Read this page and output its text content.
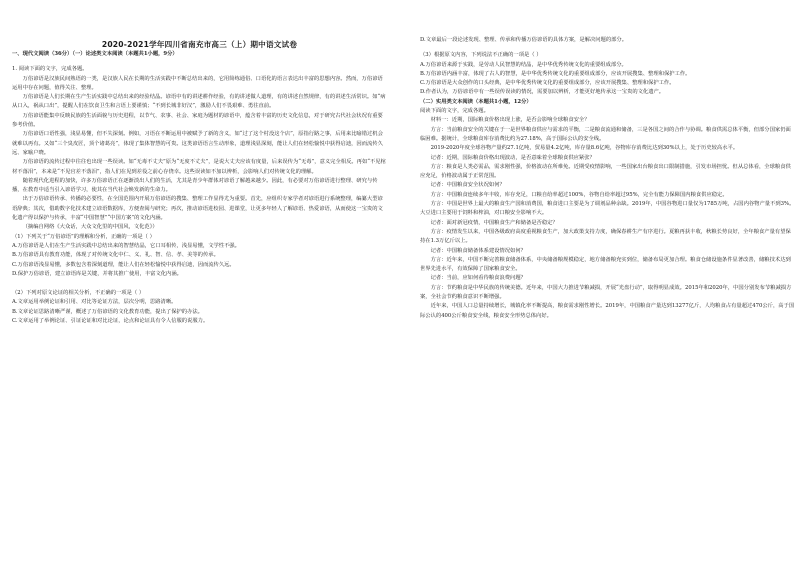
2020-2021学年四川省南充市高三（上）期中语文试卷
一、现代文阅读（36分）（一）论述类文本阅读（本题共1小题，9分）
1. 阅读下面的文字，完成各题。
万俗谚语是汉族民间熟语的一类，是汉族人民在长期的生活实践中不断总结出来的，它用简练通俗、口语化的语言表达出丰富的思想内容。然而，万俗谚语运用中存在问题，值得关注、整理。
万俗谚语是人们长期在生产生活实践中总结出来的经验结晶。谚语中有的讲述耕作经验，有的讲述做人道理，有的讲述自然规律，有的讲述生活常识。如“病从口入，祸从口出”，提醒人们在饮食卫生和言语上要谨慎；“不到长城非好汉”，激励人们不畏艰难、勇往直前。
万俗谚语能集中反映民族的生活面貌与历史进程，以节气、农事、社会、家庭为题材的谚语中，蕴含着丰富的历史文化信息，对于研究古代社会状况有重要参考价值。
万俗谚语口语性强，浅显易懂，但不失深刻。例如，习语在不断运用中被赋予了新的含义，如“过了这个村没这个店”，原指行路之事，后用来比喻错过机会就难以再有。又如“三个臭皮匠，顶个诸葛亮”，体现了集体智慧的可贵。这类谚语语言生动形象，道理浅显深刻，能让人们在轻松愉悦中获得启迪，因而流传久远、家喻户晓。
万俗谚语的流传过程中往往也出现一些误读。如“无毒不丈夫”原为“无度不丈夫”，是说大丈夫应该有度量，后来误传为“无毒”，意义完全相反。再如“不见棺材不落泪”，本来是“不见官差不落泪”，指人们在见到差役之前心存侥幸。这些误读如不加以辨析，会影响人们对传统文化的理解。
随着现代化进程的加快，许多万俗谚语正在逐渐淡出人们的生活，尤其是青少年群体对谚语了解越来越少。因此，有必要对万俗谚语进行整理、研究与传播，在教育中适当引入谚语学习，使其在当代社会焕发新的生命力。
出于万俗谚语传承、传播的必要性，在全国范围内开展万俗谚语的搜集、整理工作显得尤为重要。首先，应组织专家学者对谚语进行系统整理，编纂大型谚语辞典；其次，借助数字化技术建立谚语数据库，方便查阅与研究；再次，推动谚语进校园、进课堂，让更多年轻人了解谚语、热爱谚语，从而使这一宝贵的文化遗产得以保护与传承，丰富“中国智慧”“中国方案”的文化内涵。
（摘编自网络《大众话，大众文化里的中国风，文化范》）
（1）下列关于“万俗谚语”的理解和分析，正确的一项是（ ）
A.万俗谚语是人们在生产生活实践中总结出来的智慧结晶，它口耳相传，浅显易懂，文学性不强。
B.万俗谚语具有教育功能，体现了对传统文化中仁、义、礼、智、信、孝、美等的传承。
C.万俗谚语浅显易懂，多数包含着深刻道理，能让人们在轻松愉悦中获得启迪，因而流传久远。
D.保护万俗谚语，建立谚语库是关键，并将其推广使用，丰富文化内涵。
（2）下列对原文论证的相关分析，不正确的一项是（ ）
A.文章运用举例论证和引用、对比等论证方法，层次分明，思路清晰。
B.文章论证思路清晰严谨，概述了万俗谚语的文化教育功能，提出了保护的办法。
C.文章运用了举例论证、引证论证和对比论证，论点和论证具有令人信服的说服力。
D.文章最后一段论述发现、整理、传承和传播万俗谚语的具体方案，是解决问题的部分。
（3）根据原文内容，下列说法不正确的一项是（ ）
A.万俗谚语来源于实践，是劳动人民智慧的结晶，是中华优秀传统文化的重要组成部分。
B.万俗谚语内涵丰富，体现了古人的智慧，是中华优秀传统文化的重要组成部分，应该开展搜集、整理和保护工作。
C.万俗谚语是大众创作的口头经典，是中华优秀传统文化的重要组成部分，应该开展搜集、整理和保护工作。
D.作者认为，万俗谚语中有一些误传误读的情况，需要加以辨析，才能更好地传承这一宝贵的文化遗产。
（二）实用类文本阅读（本题共1小题，12分）
阅读下面的文字，完成各题。
材料一：近期，国际粮食价格出现上涨，是否会影响全球粮食安全？
方言：当前粮食安全的关键在于一是世界粮食供应与需求的平衡，二是粮食流通和储备，三是各国之间的合作与协调。粮食供需总体平衡，但部分国家仍面临困难。据统计，全球粮食库存消费比约为27.18%，高于国际公认的安全线。
2019-2020年度全球谷物产量约27.1亿吨，贸易量4.2亿吨，库存量8.6亿吨，谷物库存消费比达到30%以上，处于历史较高水平。
记者：近期，国际粮食价格出现波动，是否意味着全球粮食供应紧张？
方言：粮食是人类必需品，需求刚性强，价格波动在所难免。近期受疫情影响，一些国家出台粮食出口限制措施，引发市场担忧。但从总体看，全球粮食供应充足，价格波动属于正常范围。
记者：中国粮食安全状况如何？
方言：中国粮食连续多年丰收，库存充足，口粮自给率超过100%，谷物自给率超过95%，完全有能力保障国内粮食供应稳定。
方言：中国是世界上最大的粮食生产国和消费国，粮食进口主要是为了调剂品种余缺。2019年，中国谷物进口量仅为1785万吨，占国内谷物产量不到3%。大豆进口主要用于饲料和榨油，对口粮安全影响不大。
记者：面对新冠疫情，中国粮食生产和储备是否稳定？
方言：疫情发生以来，中国各级政府高度重视粮食生产，加大政策支持力度，确保春耕生产有序进行。夏粮再获丰收，秋粮长势良好，全年粮食产量有望保持在1.3万亿斤以上。
记者：中国粮食储备体系建设情况如何？
方言：近年来，中国不断完善粮食储备体系，中央储备粮规模稳定，地方储备粮充实到位，储备布局更加合理。粮食仓储设施条件显著改善，储粮技术达到世界先进水平，有效保障了国家粮食安全。
记者：当前，应如何看待粮食浪费问题？
方言：节约粮食是中华民族的传统美德。近年来，中国大力推进节粮减损，开展“光盘行动”，取得明显成效。2015年和2020年，中国分别发布节粮减损方案，全社会节约粮食意识不断增强。
近年来，中国人口总量持续增长，城镇化率不断提高，粮食需求刚性增长。2019年，中国粮食产量达到13277亿斤，人均粮食占有量超过470公斤，高于国际公认的400公斤粮食安全线，粮食安全形势总体向好。
